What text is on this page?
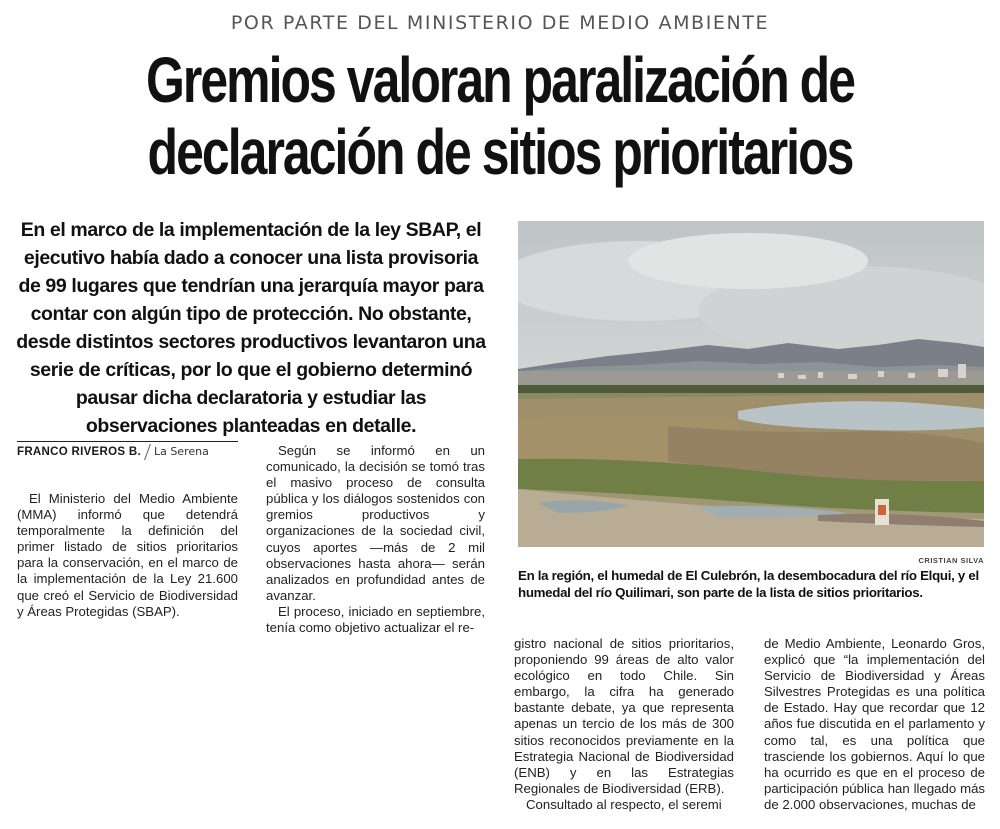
POR PARTE DEL MINISTERIO DE MEDIO AMBIENTE
Gremios valoran paralización de
declaración de sitios prioritarios
En el marco de la implementación de la ley SBAP, el ejecutivo había dado a conocer una lista provisoria de 99 lugares que tendrían una jerarquía mayor para contar con algún tipo de protección. No obstante, desde distintos sectores productivos levantaron una serie de críticas, por lo que el gobierno determinó pausar dicha declaratoria y estudiar las observaciones planteadas en detalle.
FRANCO RIVEROS B. La Serena

El Ministerio del Medio Ambiente (MMA) informó que detendrá temporalmente la definición del primer listado de sitios prioritarios para la conservación, en el marco de la implementación de la Ley 21.600 que creó el Servicio de Biodiversidad y Áreas Protegidas (SBAP).

Según se informó en un comunicado, la decisión se tomó tras el masivo proceso de consulta pública y los diálogos sostenidos con gremios productivos y organizaciones de la sociedad civil, cuyos aportes —más de 2 mil observaciones hasta ahora— serán analizados en profundidad antes de avanzar.

El proceso, iniciado en septiembre, tenía como objetivo actualizar el re-

CRISTIAN SILVA
En la región, el humedal de El Culebrón, la desembocadura del río Elqui, y el humedal del río Quilimari, son parte de la lista de sitios prioritarios.

gistro nacional de sitios prioritarios, proponiendo 99 áreas de alto valor ecológico en todo Chile. Sin embargo, la cifra ha generado bastante debate, ya que representa apenas un tercio de los más de 300 sitios reconocidos previamente en la Estrategia Nacional de Biodiversidad (ENB) y en las Estrategias Regionales de Biodiversidad (ERB).

Consultado al respecto, el seremi

de Medio Ambiente, Leonardo Gros, explicó que “la implementación del Servicio de Biodiversidad y Áreas Silvestres Protegidas es una política de Estado. Hay que recordar que 12 años fue discutida en el parlamento y como tal, es una política que trasciende los gobiernos. Aquí lo que ha ocurrido es que en el proceso de participación pública han llegado más de 2.000 observaciones, muchas de
